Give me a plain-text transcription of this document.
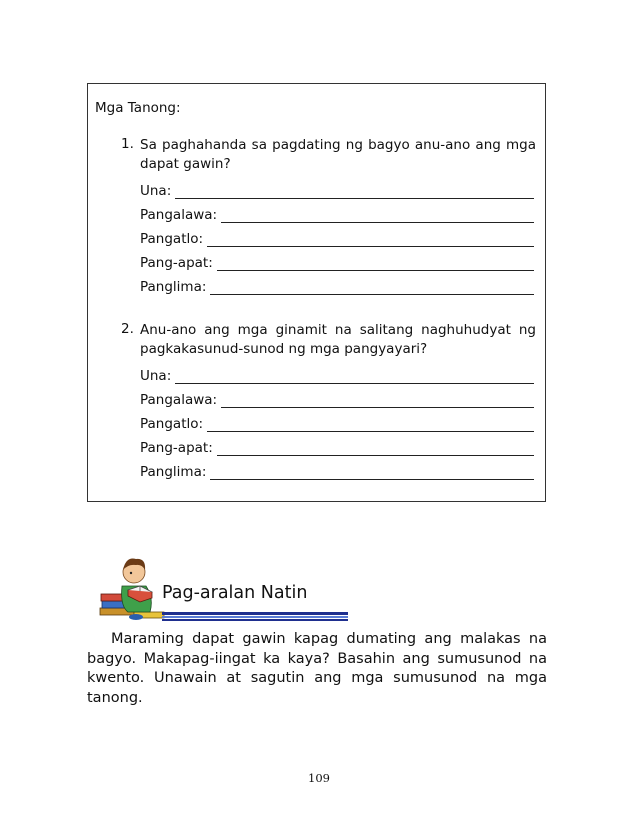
Mga Tanong:
1. Sa paghahanda sa pagdating ng bagyo anu-ano ang mga dapat gawin?
Una:
Pangalawa:
Pangatlo:
Pang-apat:
Panglima:
2. Anu-ano ang mga ginamit na salitang naghuhudyat ng pagkakasunud-sunod ng mga pangyayari?
Una:
Pangalawa:
Pangatlo:
Pang-apat:
Panglima:
Pag-aralan Natin

Maraming dapat gawin kapag dumating ang malakas na bagyo. Makapag-iingat ka kaya? Basahin ang sumusunod na kwento. Unawain at sagutin ang mga sumusunod na mga tanong.

109
